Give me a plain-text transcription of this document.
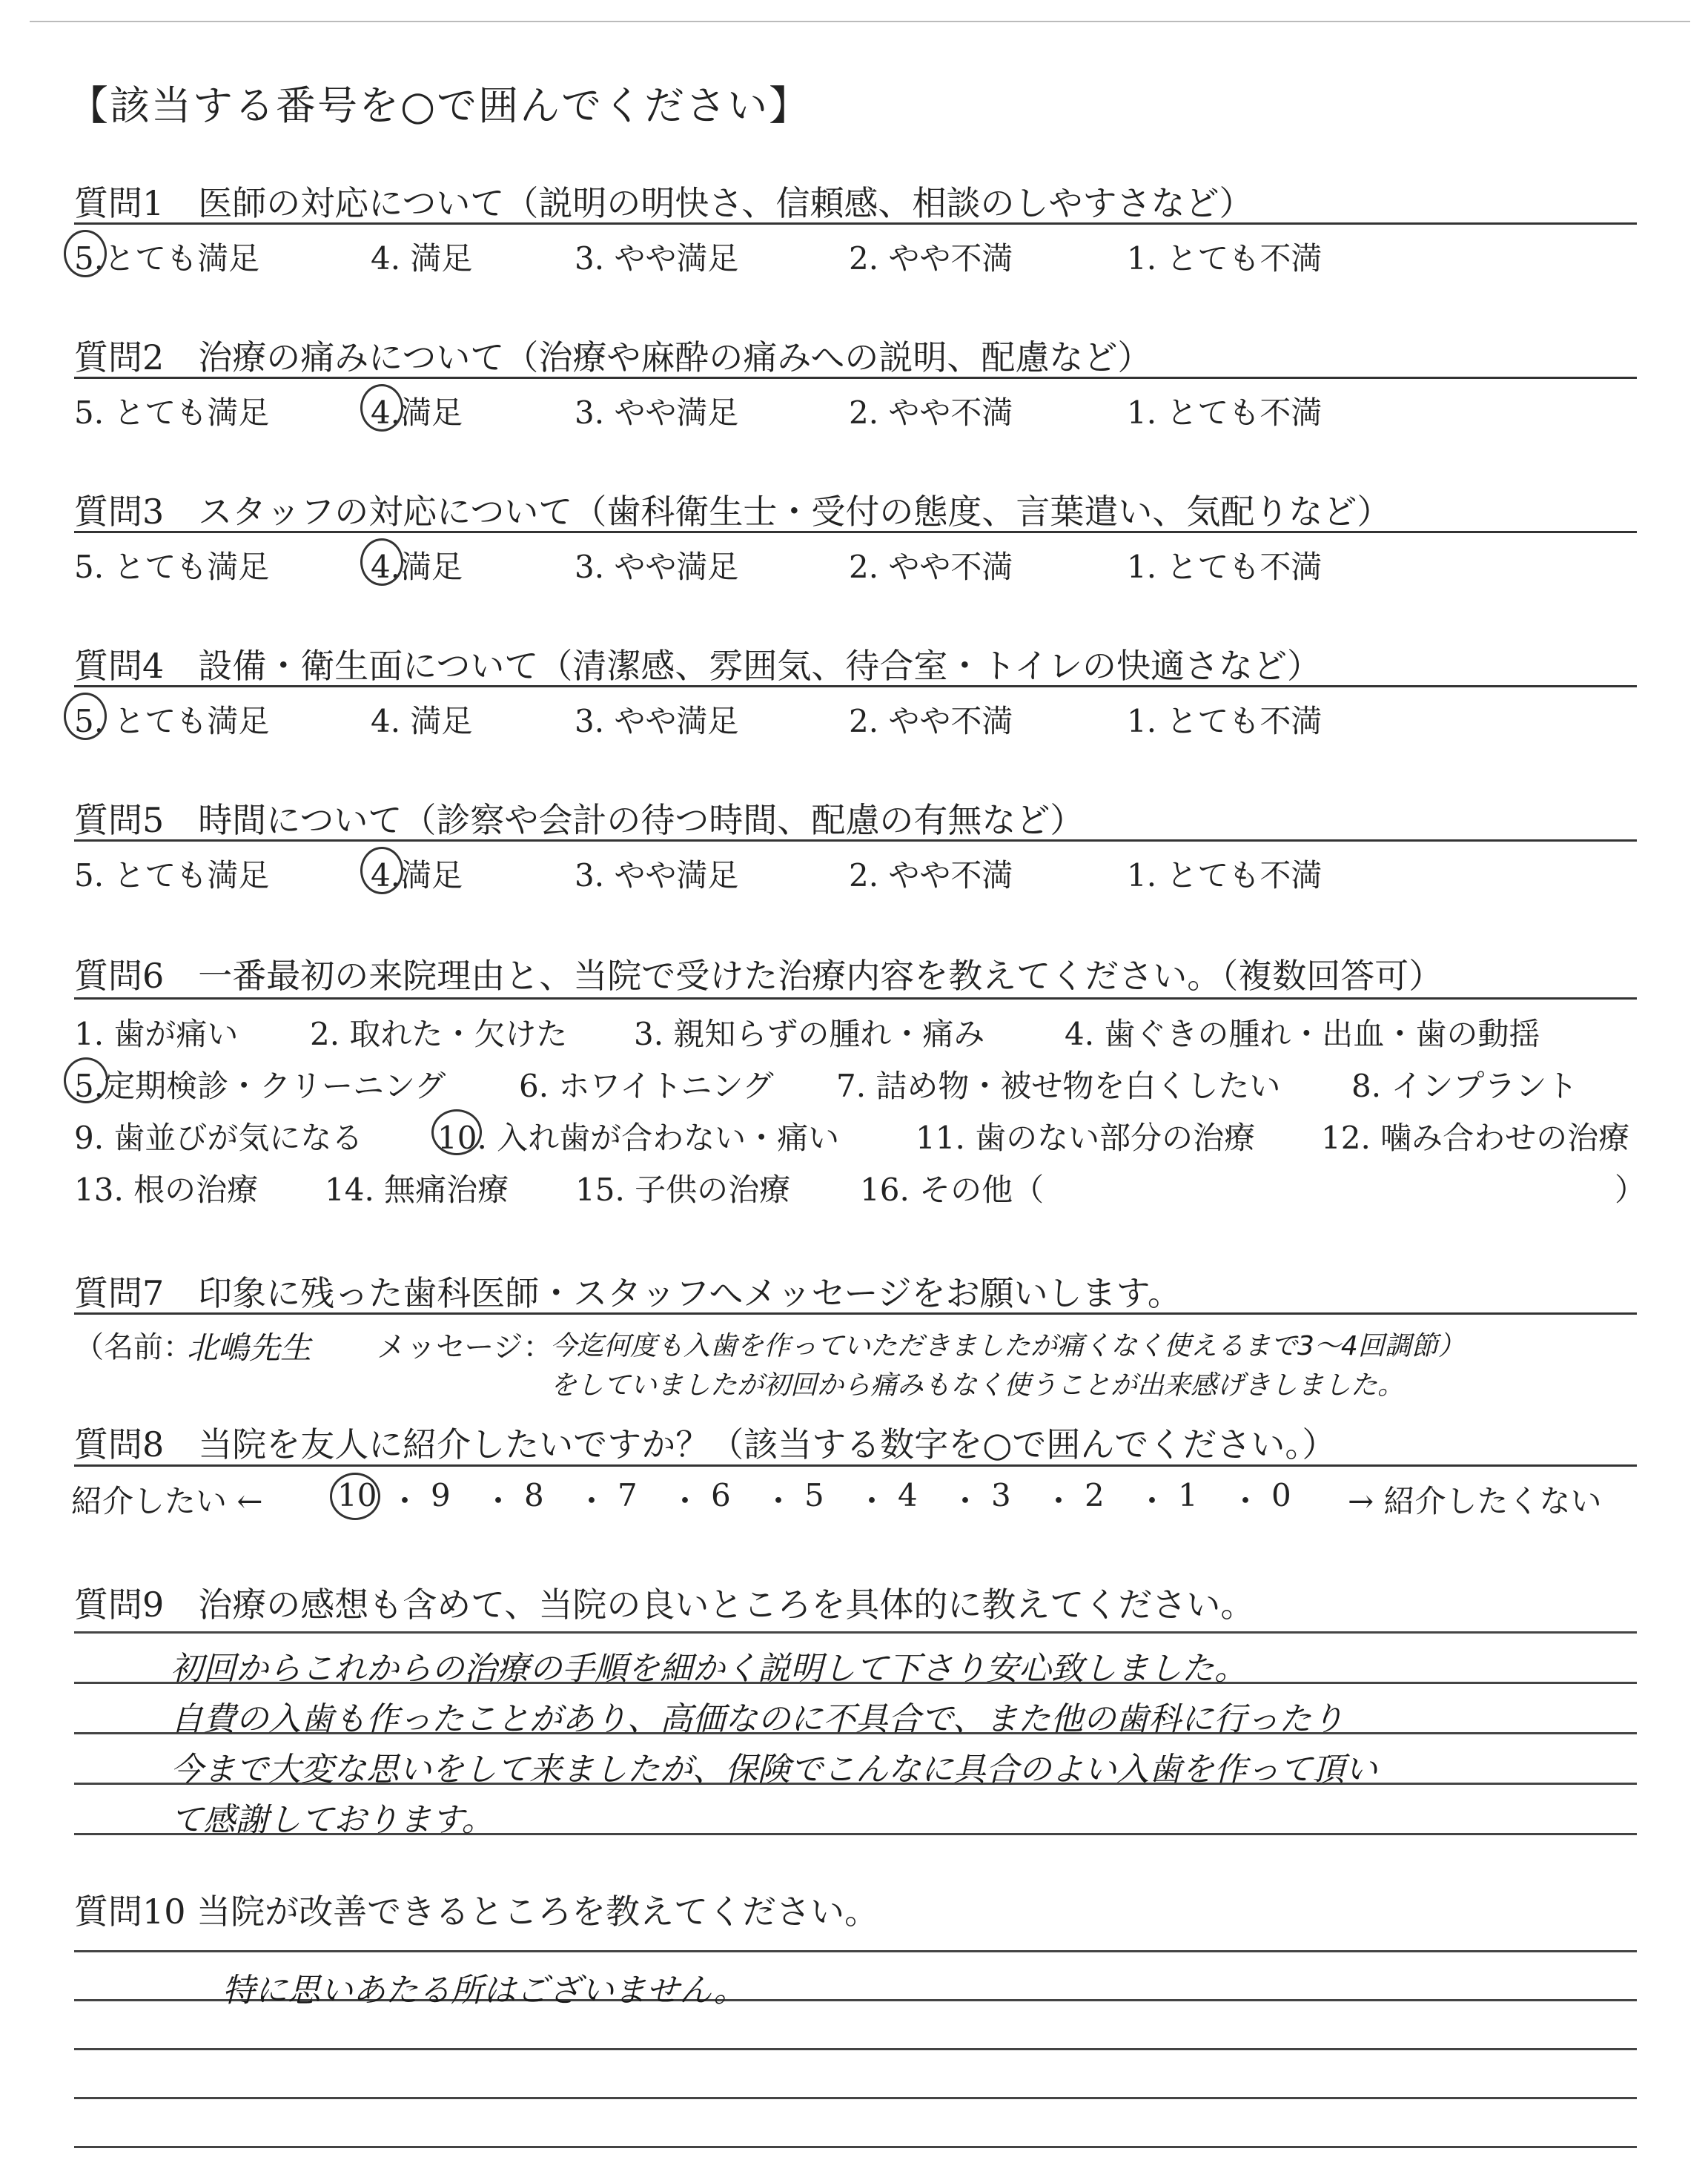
【該当する番号を○で囲んでください】
質問1　医師の対応について（説明の明快さ、信頼感、相談のしやすさなど）
5.とても満足	4. 満足	3. やや満足	2. やや不満	1. とても不満
質問2　治療の痛みについて（治療や麻酔の痛みへの説明、配慮など）
5. とても満足	4.満足	3. やや満足	2. やや不満	1. とても不満
質問3　スタッフの対応について（歯科衛生士・受付の態度、言葉遣い、気配りなど）
5. とても満足	4.満足	3. やや満足	2. やや不満	1. とても不満
質問4　設備・衛生面について（清潔感、雰囲気、待合室・トイレの快適さなど）
5. とても満足	4. 満足	3. やや満足	2. やや不満	1. とても不満
質問5　時間について（診察や会計の待つ時間、配慮の有無など）
5. とても満足	4.満足	3. やや満足	2. やや不満	1. とても不満
質問6　一番最初の来院理由と、当院で受けた治療内容を教えてください。（複数回答可）
1. 歯が痛い 2. 取れた・欠けた 3. 親知らずの腫れ・痛み	4. 歯ぐきの腫れ・出血・歯の動揺
5.定期検診・クリーニング 6. ホワイトニング 7. 詰め物・被せ物を白くしたい 8. インプラント
9. 歯並びが気になる 10. 入れ歯が合わない・痛い 11. 歯のない部分の治療 12. 噛み合わせの治療
13. 根の治療 14. 無痛治療 15. 子供の治療 16. その他（	）
質問7　印象に残った歯科医師・スタッフへメッセージをお願いします。
（名前：
北嶋先生 メッセージ：
今迄何度も入歯を作っていただきましたが痛くなく使えるまで3〜4回調節）
をしていましたが初回から痛みもなく使うことが出来感げきしました。
質問8　当院を友人に紹介したいですか？（該当する数字を○で囲んでください。）
紹介したい ← 10 ・ 9 ・ 8 ・ 7 ・ 6 ・ 5 ・ 4 ・ 3 ・ 2 ・ 1 ・ 0 → 紹介したくない
質問9　治療の感想も含めて、当院の良いところを具体的に教えてください。
初回からこれからの治療の手順を細かく説明して下さり安心致しました。
自費の入歯も作ったことがあり、高価なのに不具合で、また他の歯科に行ったり
今まで大変な思いをして来ましたが、保険でこんなに具合のよい入歯を作って頂い
て感謝しております。
質問10 当院が改善できるところを教えてください。
特に思いあたる所はございません。
